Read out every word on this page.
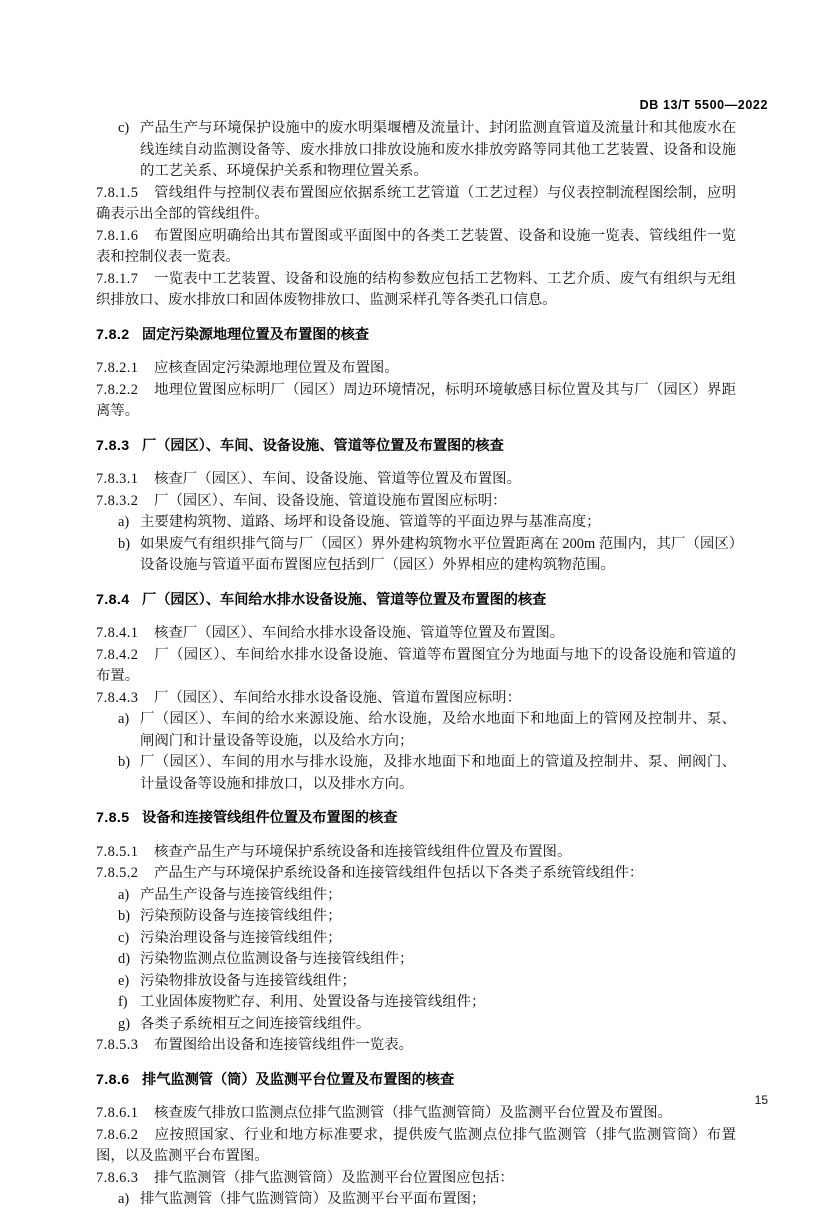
DB 13/T 5500—2022
c) 产品生产与环境保护设施中的废水明渠堰槽及流量计、封闭监测直管道及流量计和其他废水在线连续自动监测设备等、废水排放口排放设施和废水排放旁路等同其他工艺装置、设备和设施的工艺关系、环境保护关系和物理位置关系。

7.8.1.5 管线组件与控制仪表布置图应依据系统工艺管道（工艺过程）与仪表控制流程图绘制，应明确表示出全部的管线组件。

7.8.1.6 布置图应明确给出其布置图或平面图中的各类工艺装置、设备和设施一览表、管线组件一览表和控制仪表一览表。

7.8.1.7 一览表中工艺装置、设备和设施的结构参数应包括工艺物料、工艺介质、废气有组织与无组织排放口、废水排放口和固体废物排放口、监测采样孔等各类孔口信息。

7.8.2 固定污染源地理位置及布置图的核查

7.8.2.1 应核查固定污染源地理位置及布置图。

7.8.2.2 地理位置图应标明厂（园区）周边环境情况，标明环境敏感目标位置及其与厂（园区）界距离等。

7.8.3 厂（园区）、车间、设备设施、管道等位置及布置图的核查

7.8.3.1 核查厂（园区）、车间、设备设施、管道等位置及布置图。

7.8.3.2 厂（园区）、车间、设备设施、管道设施布置图应标明：

a) 主要建构筑物、道路、场坪和设备设施、管道等的平面边界与基准高度；
b) 如果废气有组织排气筒与厂（园区）界外建构筑物水平位置距离在 200m 范围内，其厂（园区）设备设施与管道平面布置图应包括到厂（园区）外界相应的建构筑物范围。
7.8.4 厂（园区）、车间给水排水设备设施、管道等位置及布置图的核查

7.8.4.1 核查厂（园区）、车间给水排水设备设施、管道等位置及布置图。

7.8.4.2 厂（园区）、车间给水排水设备设施、管道等布置图宜分为地面与地下的设备设施和管道的布置。

7.8.4.3 厂（园区）、车间给水排水设备设施、管道布置图应标明：

a) 厂（园区）、车间的给水来源设施、给水设施，及给水地面下和地面上的管网及控制井、泵、闸阀门和计量设备等设施，以及给水方向；
b) 厂（园区）、车间的用水与排水设施，及排水地面下和地面上的管道及控制井、泵、闸阀门、计量设备等设施和排放口，以及排水方向。
7.8.5 设备和连接管线组件位置及布置图的核查

7.8.5.1 核查产品生产与环境保护系统设备和连接管线组件位置及布置图。

7.8.5.2 产品生产与环境保护系统设备和连接管线组件包括以下各类子系统管线组件：

a) 产品生产设备与连接管线组件；
b) 污染预防设备与连接管线组件；
c) 污染治理设备与连接管线组件；
d) 污染物监测点位监测设备与连接管线组件；
e) 污染物排放设备与连接管线组件；
f) 工业固体废物贮存、利用、处置设备与连接管线组件；
g) 各类子系统相互之间连接管线组件。

7.8.5.3 布置图给出设备和连接管线组件一览表。

7.8.6 排气监测管（筒）及监测平台位置及布置图的核查

7.8.6.1 核查废气排放口监测点位排气监测管（排气监测管筒）及监测平台位置及布置图。

7.8.6.2 应按照国家、行业和地方标准要求，提供废气监测点位排气监测管（排气监测管筒）布置图，以及监测平台布置图。

7.8.6.3 排气监测管（排气监测管筒）及监测平台位置图应包括：

a) 排气监测管（排气监测管筒）及监测平台平面布置图；
15
